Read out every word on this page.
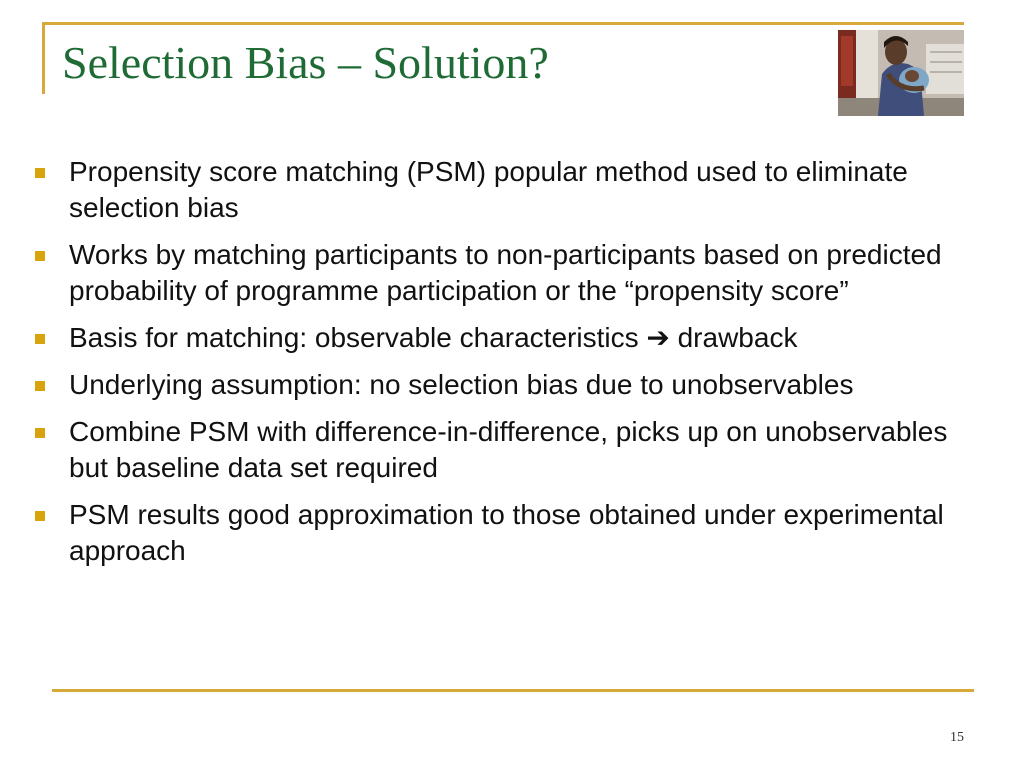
Selection Bias – Solution?
Propensity score matching (PSM) popular method used to eliminate selection bias
Works by matching participants to non-participants based on predicted probability of programme participation or the “propensity score”
Basis for matching: observable characteristics ➔ drawback
Underlying assumption: no selection bias due to unobservables
Combine PSM with difference-in-difference, picks up on unobservables but baseline data set required
PSM results good approximation to those obtained under experimental approach
15
